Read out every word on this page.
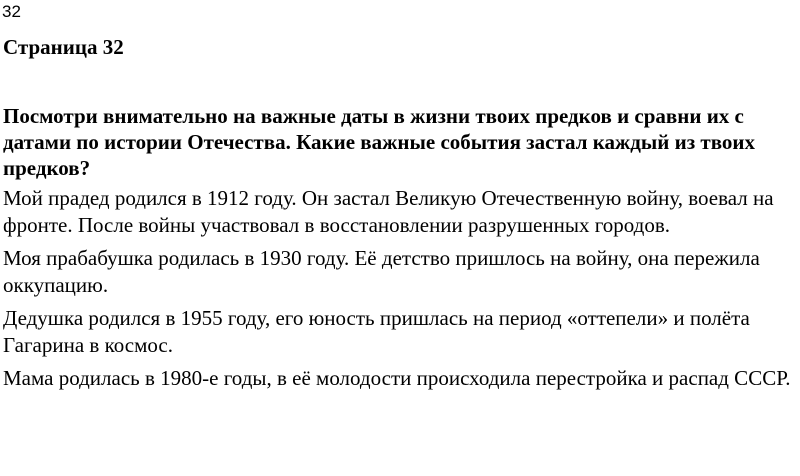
32
Страница 32

Посмотри внимательно на важные даты в жизни твоих предков и сравни их с датами по истории Отечества. Какие важные события застал каждый из твоих предков?

Мой прадед родился в 1912 году. Он застал Великую Отечественную войну, воевал на фронте. После войны участвовал в восстановлении разрушенных городов.

Моя прабабушка родилась в 1930 году. Её детство пришлось на войну, она пережила оккупацию.

Дедушка родился в 1955 году, его юность пришлась на период «оттепели» и полёта Гагарина в космос.

Мама родилась в 1980-е годы, в её молодости происходила перестройка и распад СССР.
